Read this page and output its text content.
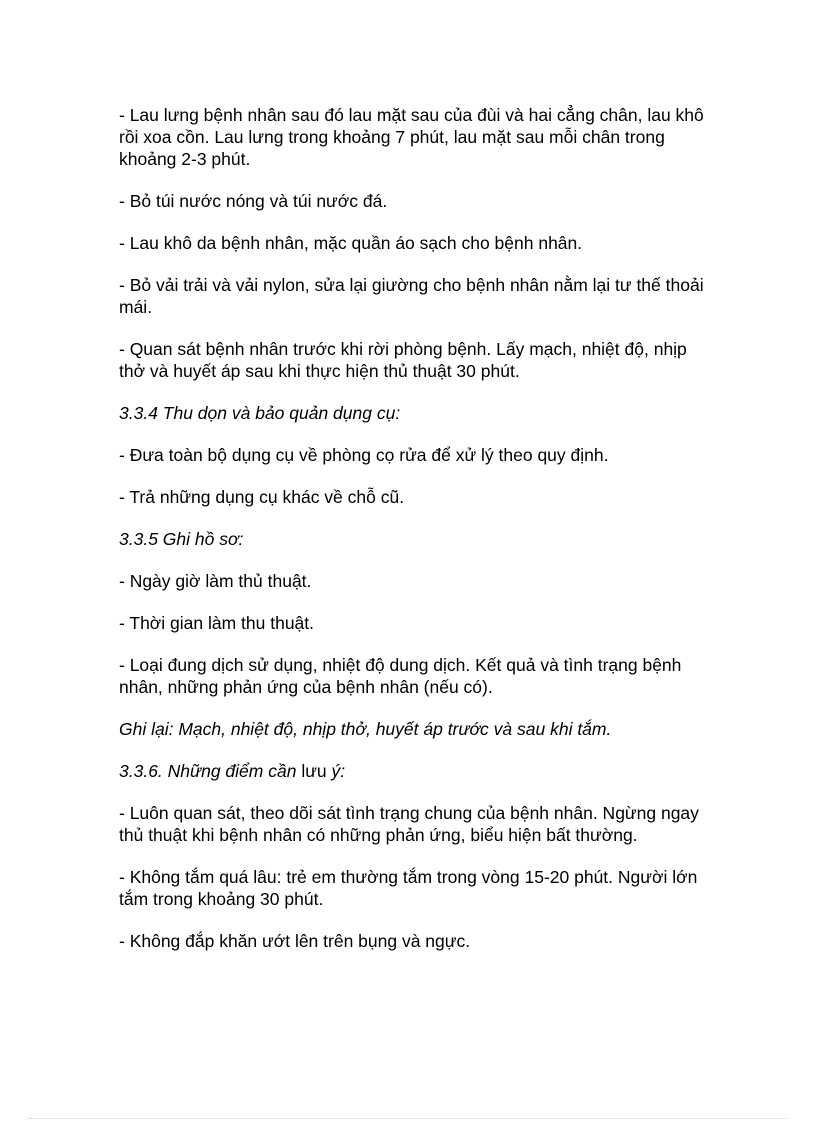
- Lau lưng bệnh nhân sau đó lau mặt sau của đùi và hai cẳng chân, lau khô rồi xoa cồn. Lau lưng trong khoảng 7 phút, lau mặt sau mỗi chân trong khoảng 2-3 phút.

- Bỏ túi nước nóng và túi nước đá.

- Lau khô da bệnh nhân, mặc quần áo sạch cho bệnh nhân.

- Bỏ vải trải và vải nylon, sửa lại giường cho bệnh nhân nằm lại tư thế thoải mái.

- Quan sát bệnh nhân trước khi rời phòng bệnh. Lấy mạch, nhiệt độ, nhịp thở và huyết áp sau khi thực hiện thủ thuật 30 phút.

3.3.4 Thu dọn và bảo quản dụng cụ:

- Đưa toàn bộ dụng cụ về phòng cọ rửa để xử lý theo quy định.

- Trả những dụng cụ khác về chỗ cũ.

3.3.5 Ghi hồ sơ:

- Ngày giờ làm thủ thuật.

- Thời gian làm thu thuật.

- Loại đung dịch sử dụng, nhiệt độ dung dịch. Kết quả và tình trạng bệnh nhân, những phản ứng của bệnh nhân (nếu có).

Ghi lại: Mạch, nhiệt độ, nhịp thở, huyết áp trước và sau khi tắm.

3.3.6. Những điểm cần lưu ý:

- Luôn quan sát, theo dõi sát tình trạng chung của bệnh nhân. Ngừng ngay thủ thuật khi bệnh nhân có những phản ứng, biểu hiện bất thường.

- Không tắm quá lâu: trẻ em thường tắm trong vòng 15-20 phút. Người lớn tắm trong khoảng 30 phút.

- Không đắp khăn ướt lên trên bụng và ngực.
